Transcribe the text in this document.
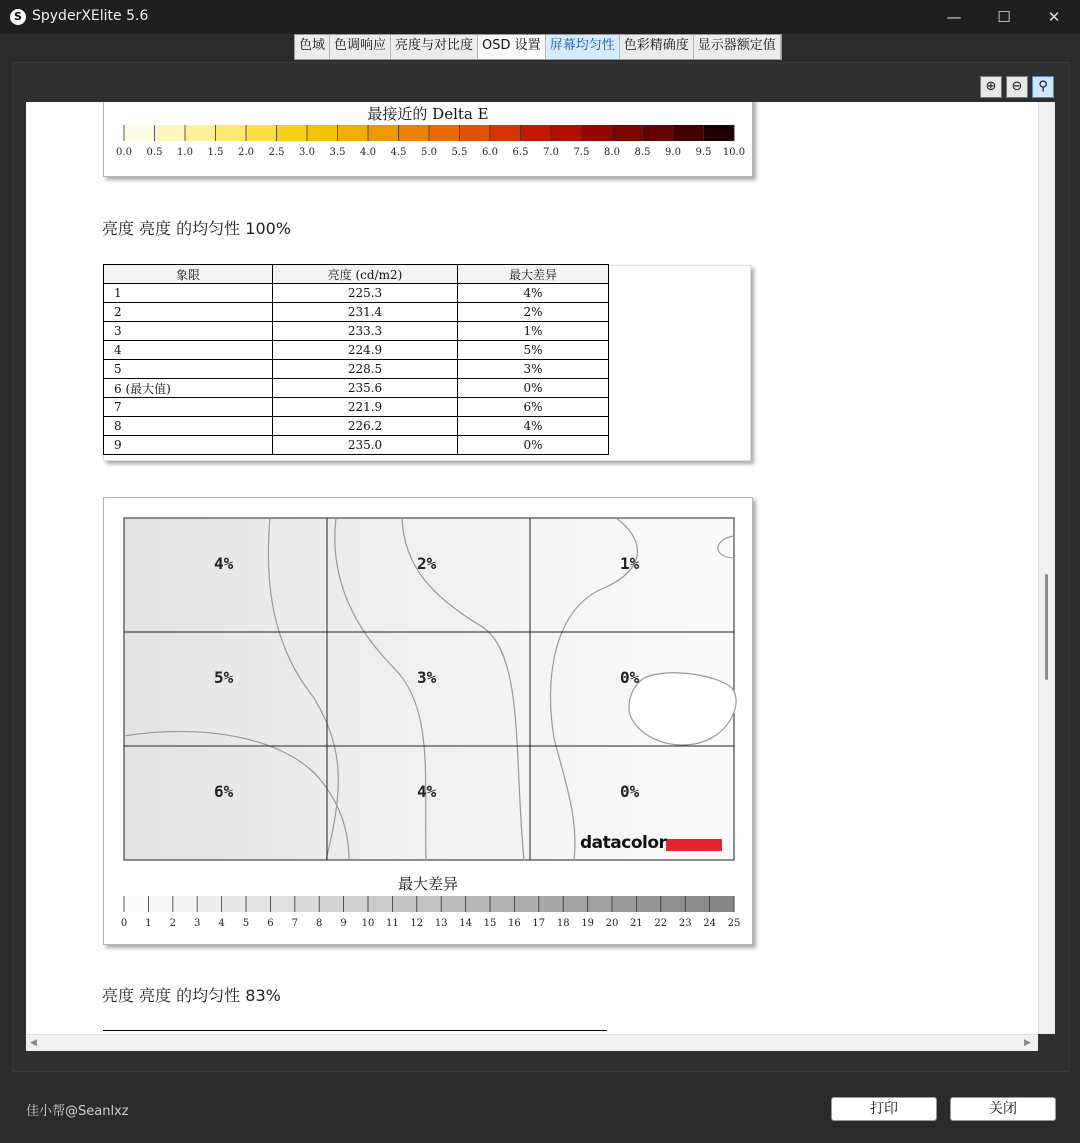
S SpyderXElite 5.6	—	☐	✕
色域 色调响应 亮度与对比度 OSD 设置 屏幕均匀性 色彩精确度 显示器额定值
⊕	⊖	⚲
最接近的 Delta E
0.0 0.5 1.0 1.5 2.0 2.5 3.0 3.5 4.0 4.5 5.0 5.5 6.0 6.5 7.0 7.5 8.0 8.5 9.0 9.5 10.0
亮度 亮度 的均匀性 100%
象限	亮度 (cd/m2)	最大差异
1	225.3	4%
2	231.4	2%
3	233.3	1%
4	224.9	5%
5	228.5	3%
6 (最大值)	235.6	0%
7	221.9	6%
8	226.2	4%
9	235.0	0%
4%	2%	1%
5%	3%	0%
6%	4%	0%
datacolor
最大差异
0 1 2 3 4 5 6 7 8 9 10 11 12 13 14 15 16 17 18 19 20 21 22 23 24 25
亮度 亮度 的均匀性 83%
◀	▶
佳小帮@Seanlxz	打印	关闭
